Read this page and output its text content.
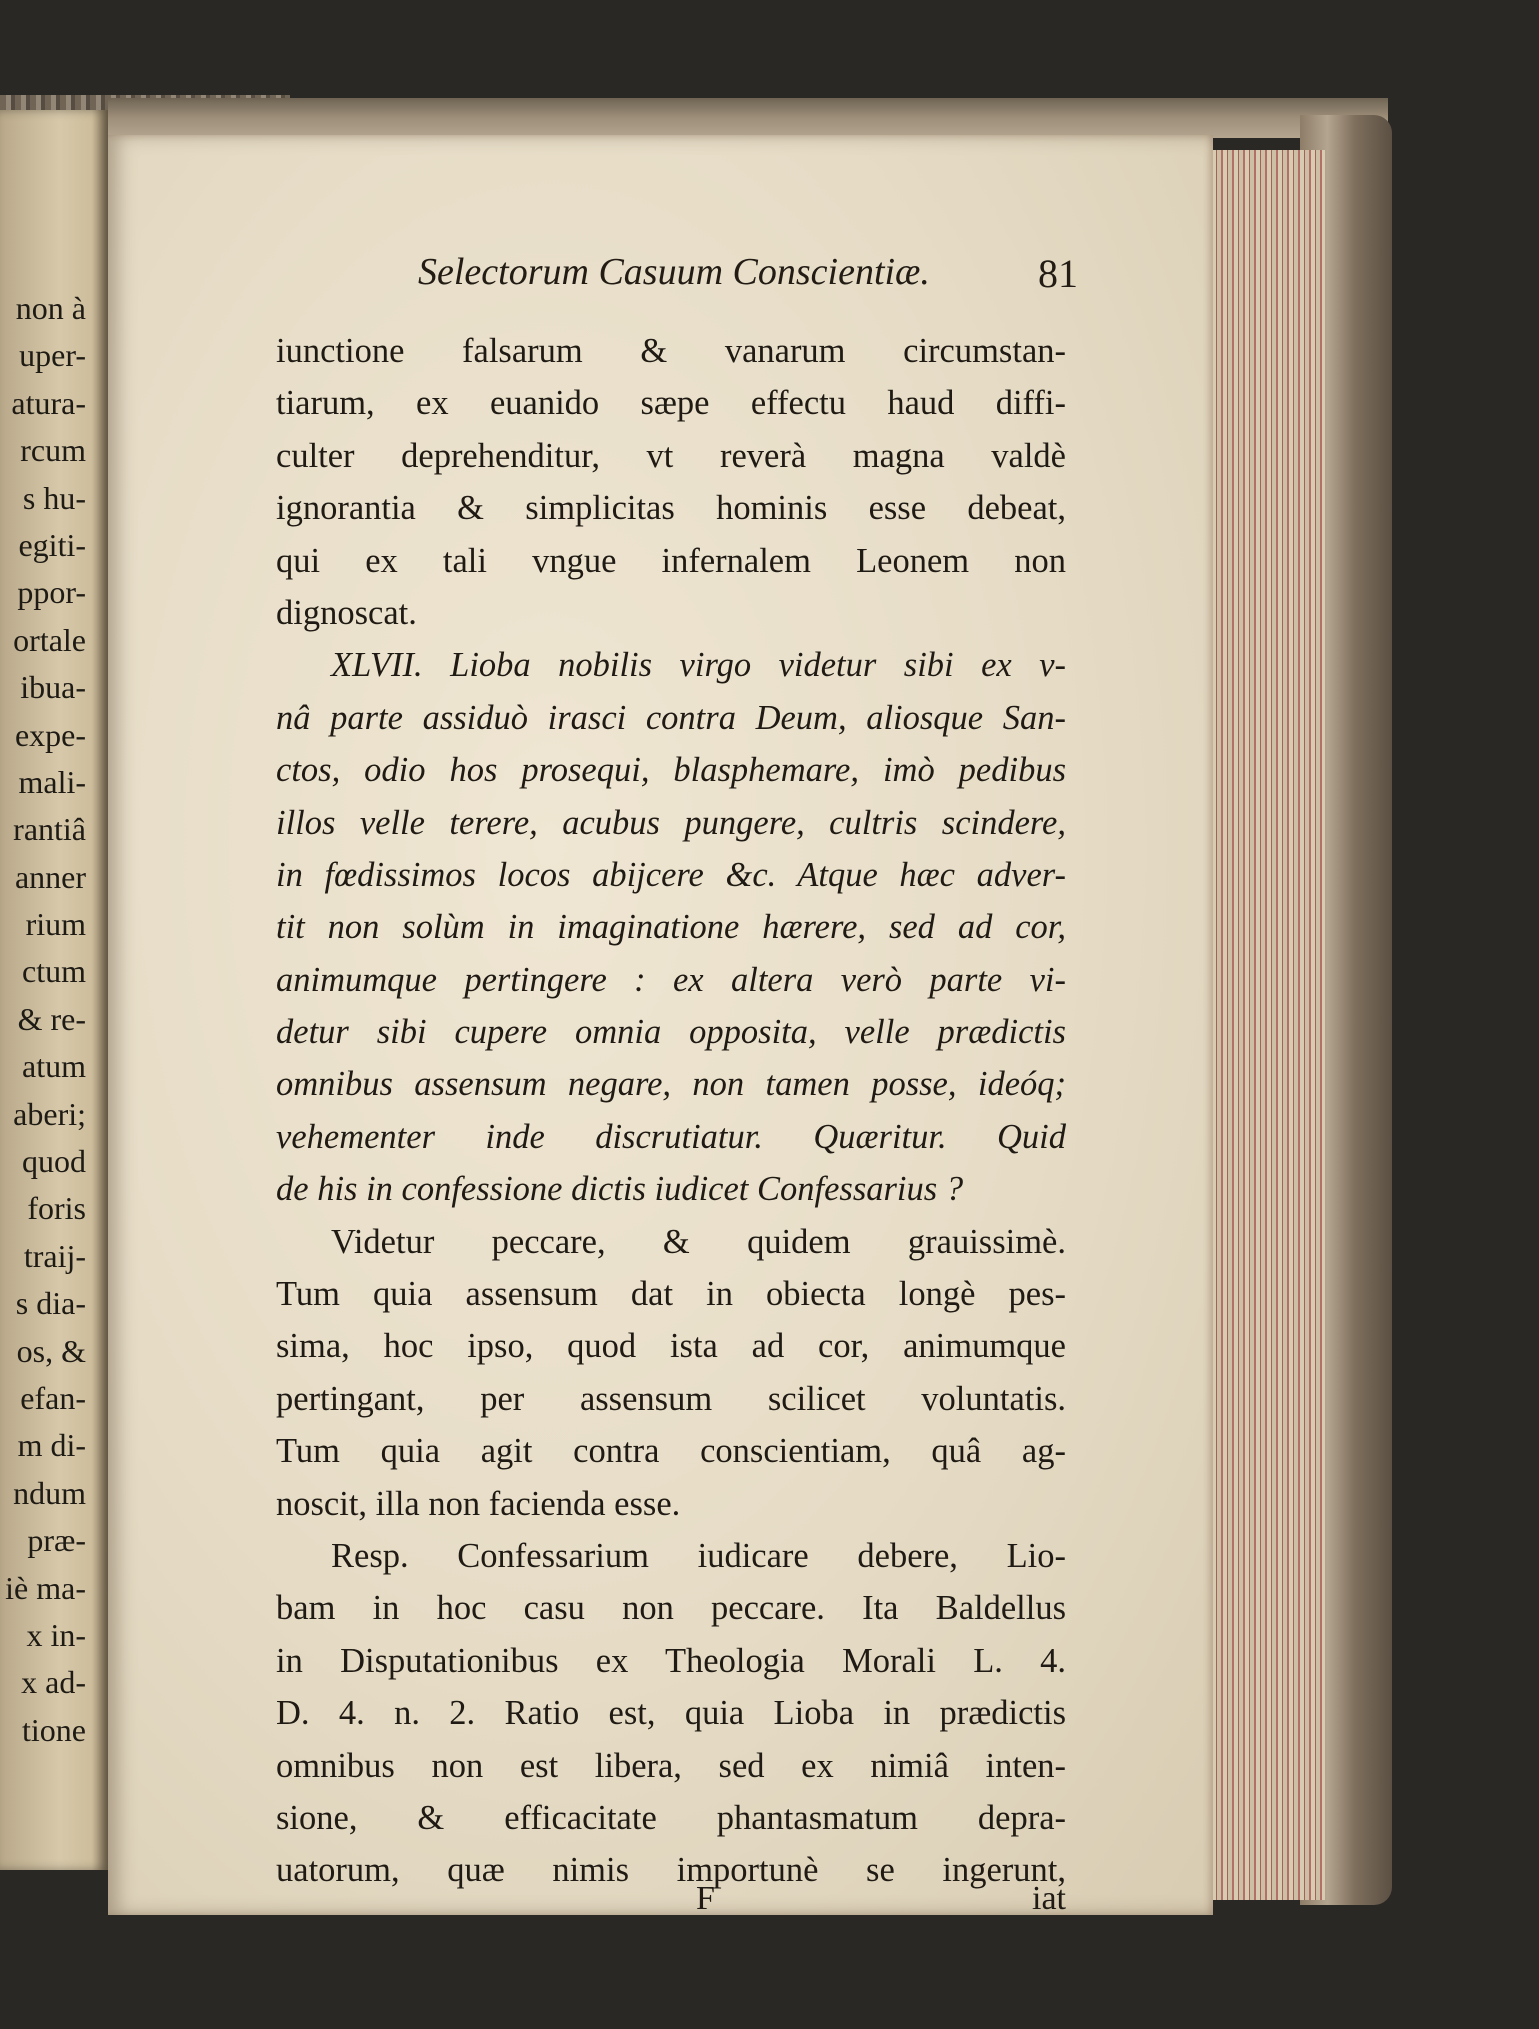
non à
uper-
atura-
rcum
s hu-
egiti-
ppor-
ortale
ibua-
expe-
mali-
rantiâ
anner
rium
ctum
& re-
atum
aberi;
quod
foris
traij-
s dia-
os, &
efan-
m di-
ndum
præ-
iè ma-
x in-
x ad-
tione
Selectorum Casuum Conscientiæ.	81
iunctione falsarum & vanarum circumstan-
tiarum, ex euanido sæpe effectu haud diffi-
culter deprehenditur, vt reverà magna valdè
ignorantia & simplicitas hominis esse debeat,
qui ex tali vngue infernalem Leonem non
dignoscat.
XLVII. Lioba nobilis virgo videtur sibi ex v-
nâ parte assiduò irasci contra Deum, aliosque San-
ctos, odio hos prosequi, blasphemare, imò pedibus
illos velle terere, acubus pungere, cultris scindere,
in fœdissimos locos abijcere &c. Atque hæc adver-
tit non solùm in imaginatione hærere, sed ad cor,
animumque pertingere : ex altera verò parte vi-
detur sibi cupere omnia opposita, velle prædictis
omnibus assensum negare, non tamen posse, ideóq;
vehementer inde discrutiatur. Quæritur. Quid
de his in confessione dictis iudicet Confessarius ?
Videtur peccare, & quidem grauissimè.
Tum quia assensum dat in obiecta longè pes-
sima, hoc ipso, quod ista ad cor, animumque
pertingant, per assensum scilicet voluntatis.
Tum quia agit contra conscientiam, quâ ag-
noscit, illa non facienda esse.
Resp. Confessarium iudicare debere, Lio-
bam in hoc casu non peccare. Ita Baldellus
in Disputationibus ex Theologia Morali L. 4.
D. 4. n. 2. Ratio est, quia Lioba in prædictis
omnibus non est libera, sed ex nimiâ inten-
sione, & efficacitate phantasmatum depra-
uatorum, quæ nimis importunè se ingerunt,
F	iat
